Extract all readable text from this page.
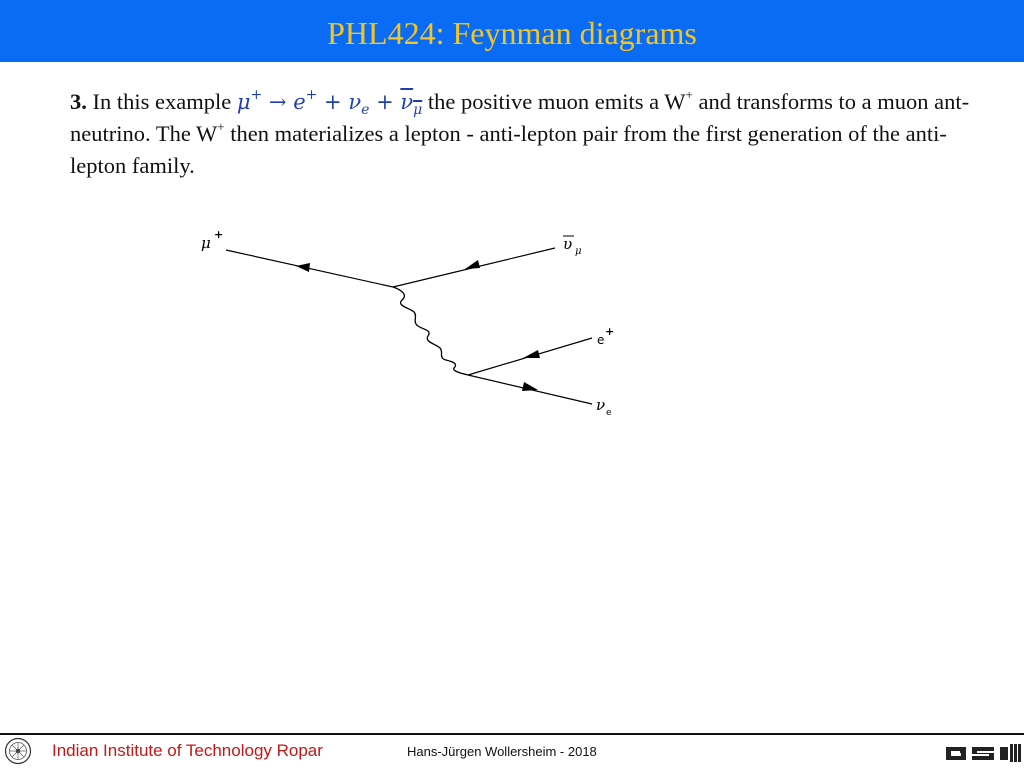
PHL424: Feynman diagrams
3. In this example $\mu^+ \to e^+ + \nu_e + \nu_\mu$ the positive muon emits a W+ and transforms to a muon ant-neutrino. The W+ then materializes a lepton - anti-lepton pair from the first generation of the anti-lepton family.
μ +
υ μ
e
+
ν e
Indian Institute of Technology Ropar	Hans-Jürgen Wollersheim - 2018
